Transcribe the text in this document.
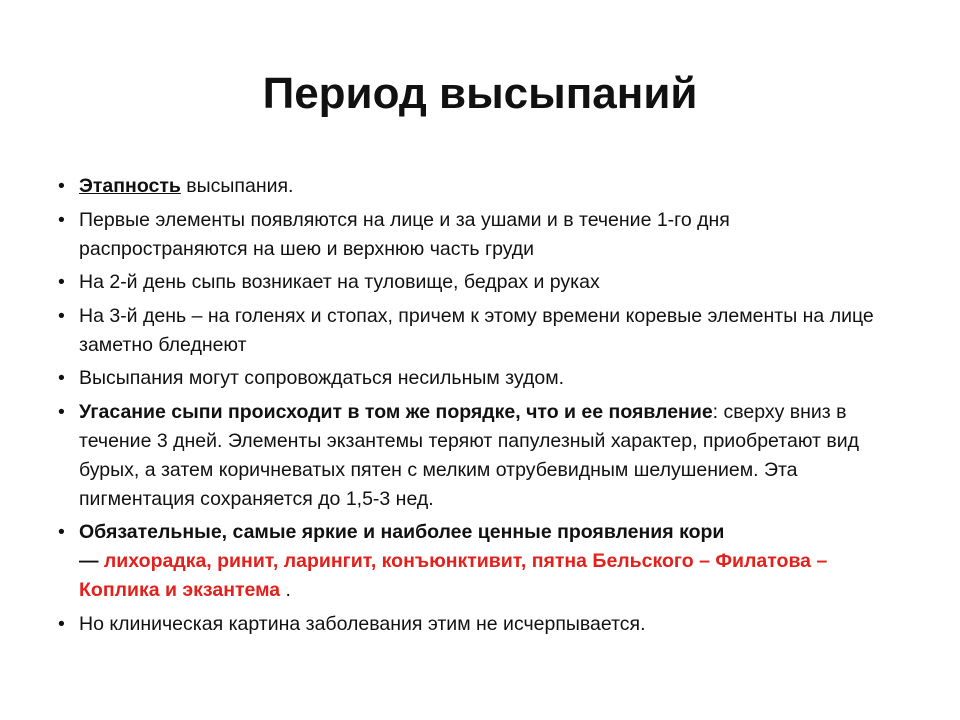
Период высыпаний
• Этапность высыпания.
• Первые элементы появляются на лице и за ушами и в течение 1-го дня распространяются на шею и верхнюю часть груди
• На 2-й день сыпь возникает на туловище, бедрах и руках
• На 3-й день – на голенях и стопах, причем к этому времени коревые элементы на лице заметно бледнеют
• Высыпания могут сопровождаться несильным зудом.
• Угасание сыпи происходит в том же порядке, что и ее появление: сверху вниз в течение 3 дней. Элементы экзантемы теряют папулезный характер, приобретают вид бурых, а затем коричневатых пятен с мелким отрубевидным шелушением. Эта пигментация сохраняется до 1,5-3 нед.
• Обязательные, самые яркие и наиболее ценные проявления кори
— лихорадка, ринит, ларингит, конъюнктивит, пятна Бельского – Филатова – Коплика и экзантема .
• Но клиническая картина заболевания этим не исчерпывается.
